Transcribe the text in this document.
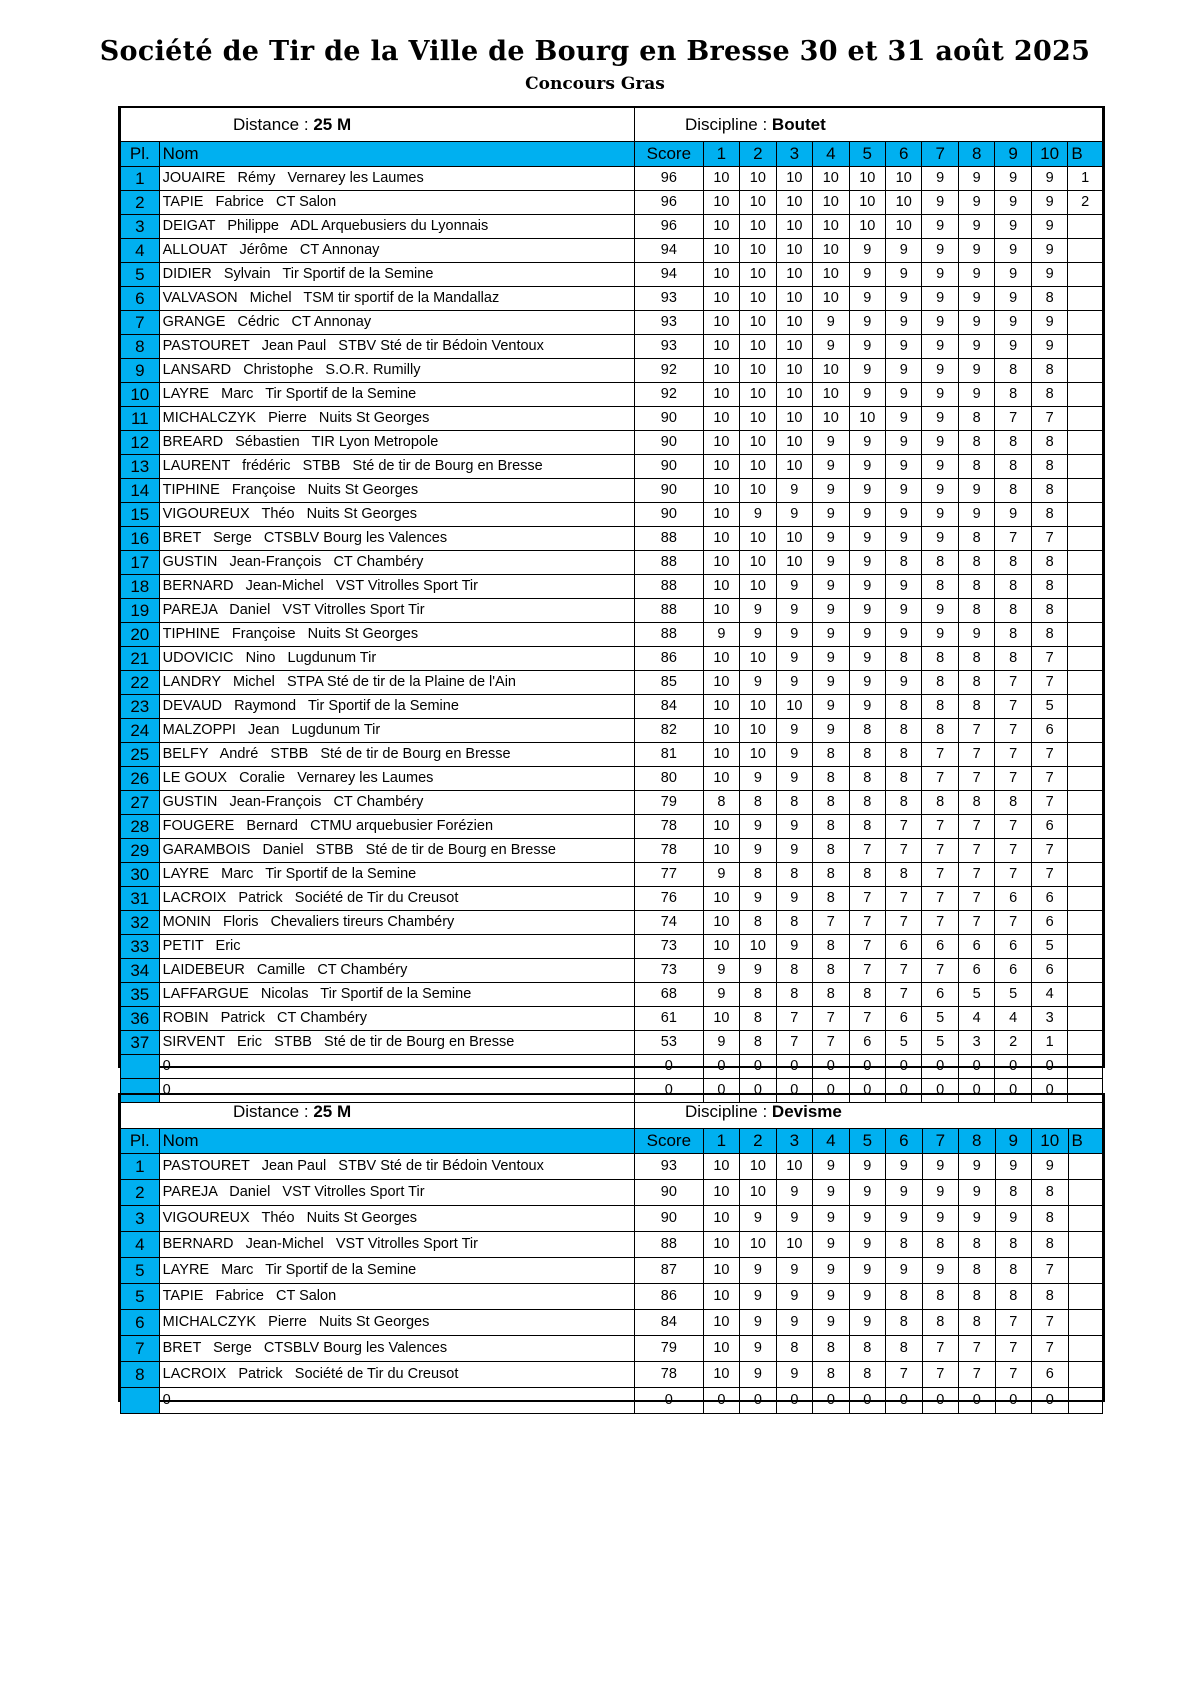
Société de Tir de la Ville de Bourg en Bresse 30 et 31 août 2025
Concours Gras
Distance : 25 M		Discipline : Boutet											
Pl.	Nom	Score	1	2	3	4	5	6	7	8	9	10	B
1	JOUAIRE   Rémy   Vernarey les Laumes	96	10	10	10	10	10	10	9	9	9	9	1
2	TAPIE   Fabrice   CT Salon	96	10	10	10	10	10	10	9	9	9	9	2
3	DEIGAT   Philippe   ADL Arquebusiers du Lyonnais	96	10	10	10	10	10	10	9	9	9	9	
4	ALLOUAT   Jérôme   CT Annonay	94	10	10	10	10	9	9	9	9	9	9	
5	DIDIER   Sylvain   Tir Sportif de la Semine	94	10	10	10	10	9	9	9	9	9	9	
6	VALVASON   Michel   TSM tir sportif de la Mandallaz	93	10	10	10	10	9	9	9	9	9	8	
7	GRANGE   Cédric   CT Annonay	93	10	10	10	9	9	9	9	9	9	9	
8	PASTOURET   Jean Paul   STBV Sté de tir Bédoin Ventoux	93	10	10	10	9	9	9	9	9	9	9	
9	LANSARD   Christophe   S.O.R. Rumilly	92	10	10	10	10	9	9	9	9	8	8	
10	LAYRE   Marc   Tir Sportif de la Semine	92	10	10	10	10	9	9	9	9	8	8	
11	MICHALCZYK   Pierre   Nuits St Georges	90	10	10	10	10	10	9	9	8	7	7	
12	BREARD   Sébastien   TIR Lyon Metropole	90	10	10	10	9	9	9	9	8	8	8	
13	LAURENT   frédéric   STBB   Sté de tir de Bourg en Bresse	90	10	10	10	9	9	9	9	8	8	8	
14	TIPHINE   Françoise   Nuits St Georges	90	10	10	9	9	9	9	9	9	8	8	
15	VIGOUREUX   Théo   Nuits St Georges	90	10	9	9	9	9	9	9	9	9	8	
16	BRET   Serge   CTSBLV Bourg les Valences	88	10	10	10	9	9	9	9	8	7	7	
17	GUSTIN   Jean-François   CT Chambéry	88	10	10	10	9	9	8	8	8	8	8	
18	BERNARD   Jean-Michel   VST Vitrolles Sport Tir	88	10	10	9	9	9	9	8	8	8	8	
19	PAREJA   Daniel   VST Vitrolles Sport Tir	88	10	9	9	9	9	9	9	8	8	8	
20	TIPHINE   Françoise   Nuits St Georges	88	9	9	9	9	9	9	9	9	8	8	
21	UDOVICIC   Nino   Lugdunum Tir	86	10	10	9	9	9	8	8	8	8	7	
22	LANDRY   Michel   STPA Sté de tir de la Plaine de l'Ain	85	10	9	9	9	9	9	8	8	7	7	
23	DEVAUD   Raymond   Tir Sportif de la Semine	84	10	10	10	9	9	8	8	8	7	5	
24	MALZOPPI   Jean   Lugdunum Tir	82	10	10	9	9	8	8	8	7	7	6	
25	BELFY   André   STBB   Sté de tir de Bourg en Bresse	81	10	10	9	8	8	8	7	7	7	7	
26	LE GOUX   Coralie   Vernarey les Laumes	80	10	9	9	8	8	8	7	7	7	7	
27	GUSTIN   Jean-François   CT Chambéry	79	8	8	8	8	8	8	8	8	8	7	
28	FOUGERE   Bernard   CTMU arquebusier Forézien	78	10	9	9	8	8	7	7	7	7	6	
29	GARAMBOIS   Daniel   STBB   Sté de tir de Bourg en Bresse	78	10	9	9	8	7	7	7	7	7	7	
30	LAYRE   Marc   Tir Sportif de la Semine	77	9	8	8	8	8	8	7	7	7	7	
31	LACROIX   Patrick   Société de Tir du Creusot	76	10	9	9	8	7	7	7	7	6	6	
32	MONIN   Floris   Chevaliers tireurs Chambéry	74	10	8	8	7	7	7	7	7	7	6	
33	PETIT   Eric	73	10	10	9	8	7	6	6	6	6	5	
34	LAIDEBEUR   Camille   CT Chambéry	73	9	9	8	8	7	7	7	6	6	6	
35	LAFFARGUE   Nicolas   Tir Sportif de la Semine	68	9	8	8	8	8	7	6	5	5	4	
36	ROBIN   Patrick   CT Chambéry	61	10	8	7	7	7	6	5	4	4	3	
37	SIRVENT   Eric   STBB   Sté de tir de Bourg en Bresse	53	9	8	7	7	6	5	5	3	2	1	
	0	0	0	0	0	0	0	0	0	0	0	0	
	0	0	0	0	0	0	0	0	0	0	0	0	
Distance : 25 M		Discipline : Devisme											
Pl.	Nom	Score	1	2	3	4	5	6	7	8	9	10	B
1	PASTOURET   Jean Paul   STBV Sté de tir Bédoin Ventoux	93	10	10	10	9	9	9	9	9	9	9	
2	PAREJA   Daniel   VST Vitrolles Sport Tir	90	10	10	9	9	9	9	9	9	8	8	
3	VIGOUREUX   Théo   Nuits St Georges	90	10	9	9	9	9	9	9	9	9	8	
4	BERNARD   Jean-Michel   VST Vitrolles Sport Tir	88	10	10	10	9	9	8	8	8	8	8	
5	LAYRE   Marc   Tir Sportif de la Semine	87	10	9	9	9	9	9	9	8	8	7	
5	TAPIE   Fabrice   CT Salon	86	10	9	9	9	9	8	8	8	8	8	
6	MICHALCZYK   Pierre   Nuits St Georges	84	10	9	9	9	9	8	8	8	7	7	
7	BRET   Serge   CTSBLV Bourg les Valences	79	10	9	8	8	8	8	7	7	7	7	
8	LACROIX   Patrick   Société de Tir du Creusot	78	10	9	9	8	8	7	7	7	7	6	
	0	0	0	0	0	0	0	0	0	0	0	0	
